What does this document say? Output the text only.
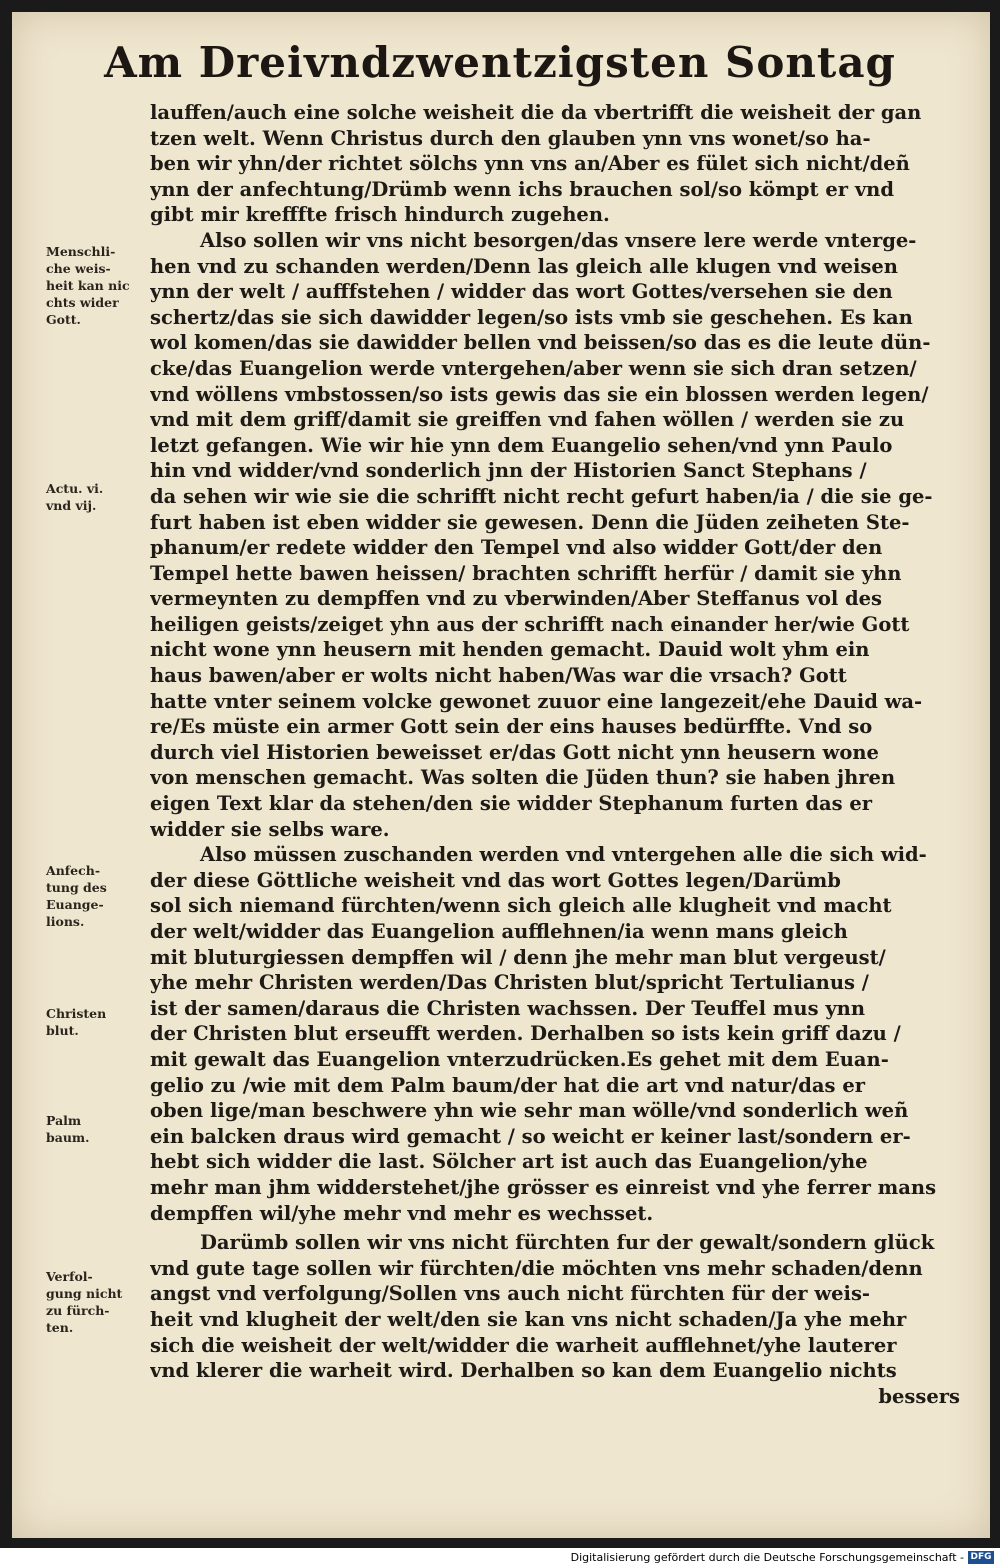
Am Dreivndzwentzigsten Sontag
lauffen/auch eine solche weisheit die da vbertrifft die weisheit der gan
tzen welt. Wenn Christus durch den glauben ynn vns wonet/so ha-
ben wir yhn/der richtet sölchs ynn vns an/Aber es fület sich nicht/deñ
ynn der anfechtung/Drümb wenn ichs brauchen sol/so kömpt er vnd
gibt mir krefffte frisch hindurch zugehen.
Also sollen wir vns nicht besorgen/das vnsere lere werde vnterge-
hen vnd zu schanden werden/Denn las gleich alle klugen vnd weisen
ynn der welt / aufffstehen / widder das wort Gottes/versehen sie den
schertz/das sie sich dawidder legen/so ists vmb sie geschehen. Es kan
wol komen/das sie dawidder bellen vnd beissen/so das es die leute dün-
cke/das Euangelion werde vntergehen/aber wenn sie sich dran setzen/
vnd wöllens vmbstossen/so ists gewis das sie ein blossen werden legen/
vnd mit dem griff/damit sie greiffen vnd fahen wöllen / werden sie zu
letzt gefangen. Wie wir hie ynn dem Euangelio sehen/vnd ynn Paulo
hin vnd widder/vnd sonderlich jnn der Historien Sanct Stephans /
da sehen wir wie sie die schrifft nicht recht gefurt haben/ia / die sie ge-
furt haben ist eben widder sie gewesen. Denn die Jüden zeiheten Ste-
phanum/er redete widder den Tempel vnd also widder Gott/der den
Tempel hette bawen heissen/ brachten schrifft herfür / damit sie yhn
vermeynten zu dempffen vnd zu vberwinden/Aber Steffanus vol des
heiligen geists/zeiget yhn aus der schrifft nach einander her/wie Gott
nicht wone ynn heusern mit henden gemacht. Dauid wolt yhm ein
haus bawen/aber er wolts nicht haben/Was war die vrsach? Gott
hatte vnter seinem volcke gewonet zuuor eine langezeit/ehe Dauid wa-
re/Es müste ein armer Gott sein der eins hauses bedürffte. Vnd so
durch viel Historien beweisset er/das Gott nicht ynn heusern wone
von menschen gemacht. Was solten die Jüden thun? sie haben jhren
eigen Text klar da stehen/den sie widder Stephanum furten das er
widder sie selbs ware.
Also müssen zuschanden werden vnd vntergehen alle die sich wid-
der diese Göttliche weisheit vnd das wort Gottes legen/Darümb
sol sich niemand fürchten/wenn sich gleich alle klugheit vnd macht
der welt/widder das Euangelion aufflehnen/ia wenn mans gleich
mit bluturgiessen dempffen wil / denn jhe mehr man blut vergeust/
yhe mehr Christen werden/Das Christen blut/spricht Tertulianus /
ist der samen/daraus die Christen wachssen. Der Teuffel mus ynn
der Christen blut ersеufft werden. Derhalben so ists kein griff dazu /
mit gewalt das Euangelion vnterzudrücken.Es gehet mit dem Euan-
gelio zu /wie mit dem Palm baum/der hat die art vnd natur/das er
oben lige/man beschwere yhn wie sehr man wölle/vnd sonderlich weñ
ein balcken draus wird gemacht / so weicht er keiner last/sondern er-
hebt sich widder die last. Sölcher art ist auch das Euangelion/yhe
mehr man jhm widderstehet/jhe grösser es einreist vnd yhe ferrer mans
dempffen wil/yhe mehr vnd mehr es wechsset.
Darümb sollen wir vns nicht fürchten fur der gewalt/sondern glück
vnd gute tage sollen wir fürchten/die möchten vns mehr schaden/denn
angst vnd verfolgung/Sollen vns auch nicht fürchten für der weis-
heit vnd klugheit der welt/den sie kan vns nicht schaden/Ja yhe mehr
sich die weisheit der welt/widder die warheit aufflehnet/yhe lauterer
vnd klerer die warheit wird. Derhalben so kan dem Euangelio nichts
bessers
Menschli-
che weis-
heit kan nic
chts wider
Gott.
Actu. vi.
vnd vij.
Anfech-
tung des
Euange-
lions.
Christen
blut.
Palm
baum.
Verfol-
gung nicht
zu fürch-
ten.
Digitalisierung gefördert durch die Deutsche Forschungsgemeinschaft - DFG
